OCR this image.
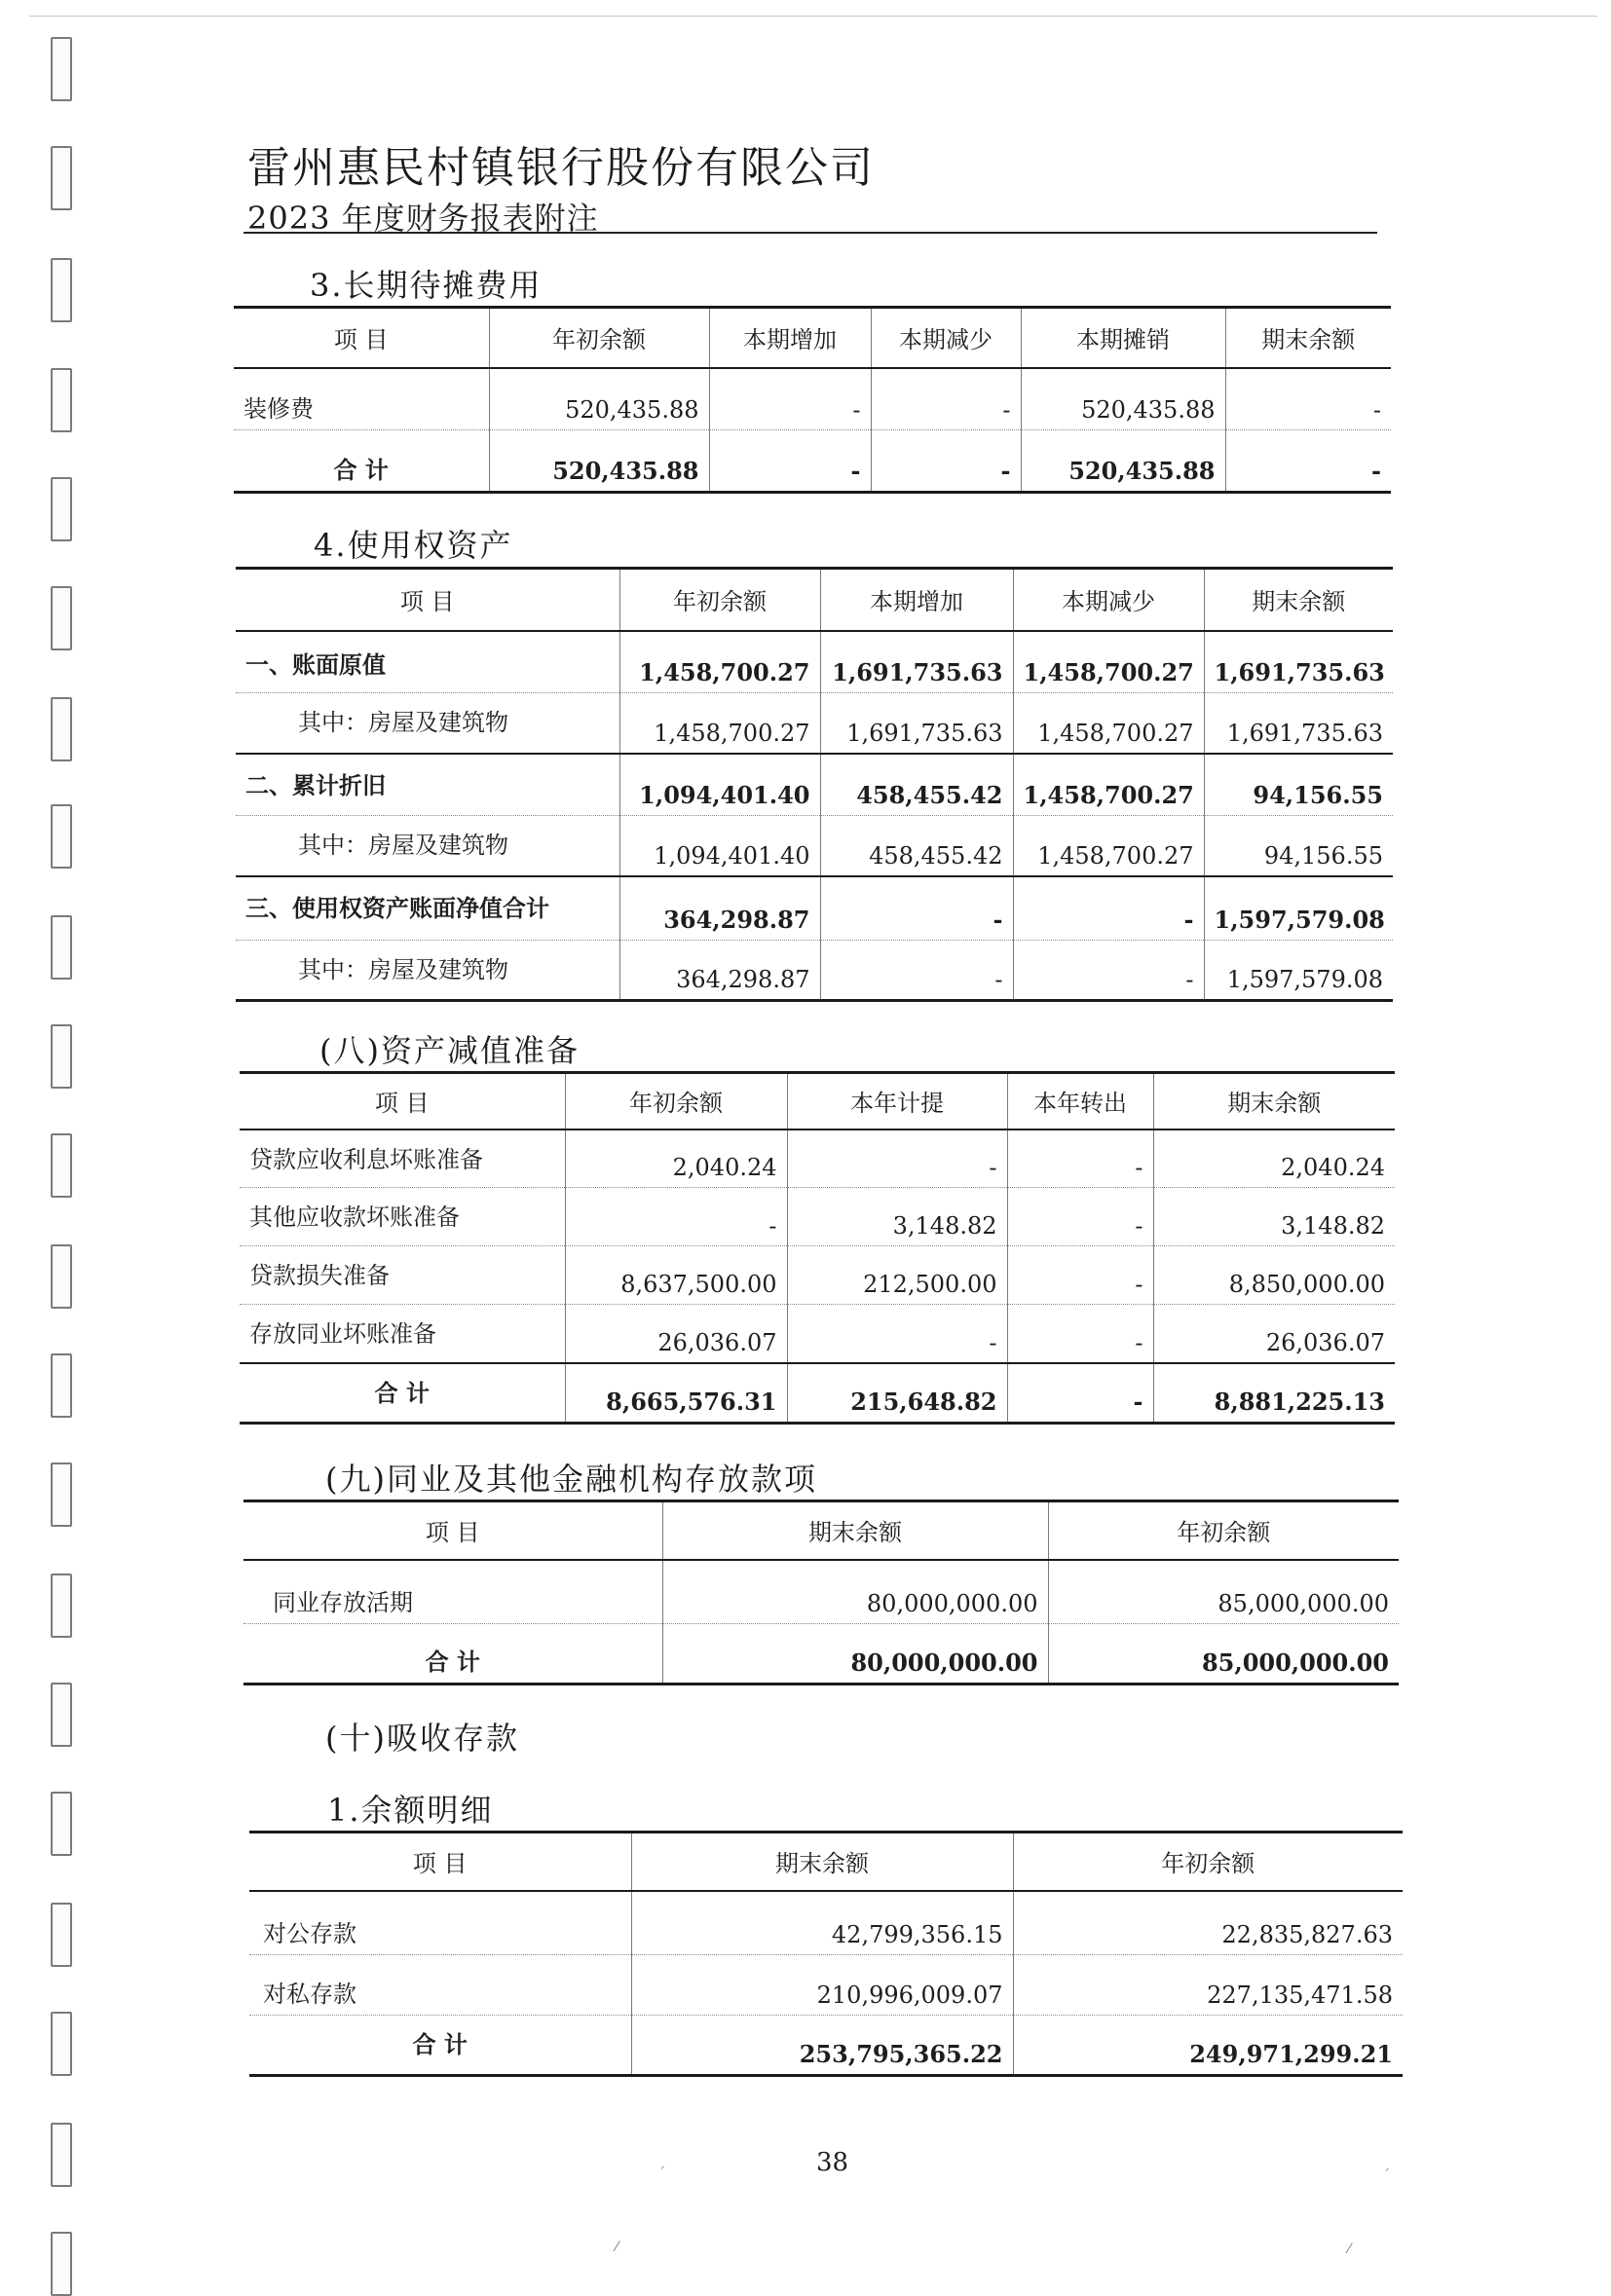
雷州惠民村镇银行股份有限公司
2023 年度财务报表附注
3.长期待摊费用
项 目	年初余额	本期增加	本期减少	本期摊销	期末余额
装修费	520,435.88	-	-	520,435.88	-
合 计	520,435.88	-	-	520,435.88	-
4.使用权资产
项 目	年初余额	本期增加	本期减少	期末余额
一、账面原值	1,458,700.27	1,691,735.63	1,458,700.27	1,691,735.63
其中：房屋及建筑物	1,458,700.27	1,691,735.63	1,458,700.27	1,691,735.63
二、累计折旧	1,094,401.40	458,455.42	1,458,700.27	94,156.55
其中：房屋及建筑物	1,094,401.40	458,455.42	1,458,700.27	94,156.55
三、使用权资产账面净值合计	364,298.87	-	-	1,597,579.08
其中：房屋及建筑物	364,298.87	-	-	1,597,579.08
(八)资产减值准备
项 目	年初余额	本年计提	本年转出	期末余额
贷款应收利息坏账准备	2,040.24	-	-	2,040.24
其他应收款坏账准备	-	3,148.82	-	3,148.82
贷款损失准备	8,637,500.00	212,500.00	-	8,850,000.00
存放同业坏账准备	26,036.07	-	-	26,036.07
合 计	8,665,576.31	215,648.82	-	8,881,225.13
(九)同业及其他金融机构存放款项
项 目	期末余额	年初余额
同业存放活期	80,000,000.00	85,000,000.00
合 计	80,000,000.00	85,000,000.00
(十)吸收存款
1.余额明细
项 目	期末余额	年初余额
对公存款	42,799,356.15	22,835,827.63
对私存款	210,996,009.07	227,135,471.58
合 计	253,795,365.22	249,971,299.21
38
ˊ	ˊ
⁄	⁄
